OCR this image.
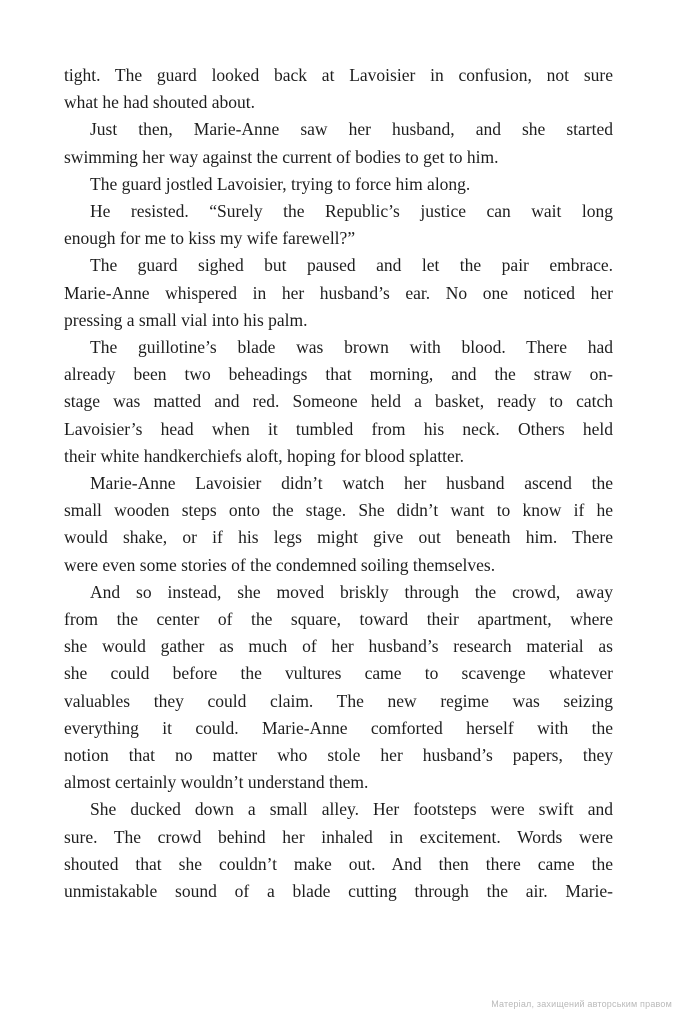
tight. The guard looked back at Lavoisier in confusion, not sure
what he had shouted about.
Just then, Marie-Anne saw her husband, and she started
swimming her way against the current of bodies to get to him.
The guard jostled Lavoisier, trying to force him along.
He resisted. “Surely the Republic’s justice can wait long
enough for me to kiss my wife farewell?”
The guard sighed but paused and let the pair embrace.
Marie-Anne whispered in her husband’s ear. No one noticed her
pressing a small vial into his palm.
The guillotine’s blade was brown with blood. There had
already been two beheadings that morning, and the straw on-
stage was matted and red. Someone held a basket, ready to catch
Lavoisier’s head when it tumbled from his neck. Others held
their white handkerchiefs aloft, hoping for blood splatter.
Marie-Anne Lavoisier didn’t watch her husband ascend the
small wooden steps onto the stage. She didn’t want to know if he
would shake, or if his legs might give out beneath him. There
were even some stories of the condemned soiling themselves.
And so instead, she moved briskly through the crowd, away
from the center of the square, toward their apartment, where
she would gather as much of her husband’s research material as
she could before the vultures came to scavenge whatever
valuables they could claim. The new regime was seizing
everything it could. Marie-Anne comforted herself with the
notion that no matter who stole her husband’s papers, they
almost certainly wouldn’t understand them.
She ducked down a small alley. Her footsteps were swift and
sure. The crowd behind her inhaled in excitement. Words were
shouted that she couldn’t make out. And then there came the
unmistakable sound of a blade cutting through the air. Marie-
Матеріал, захищений авторським правом
